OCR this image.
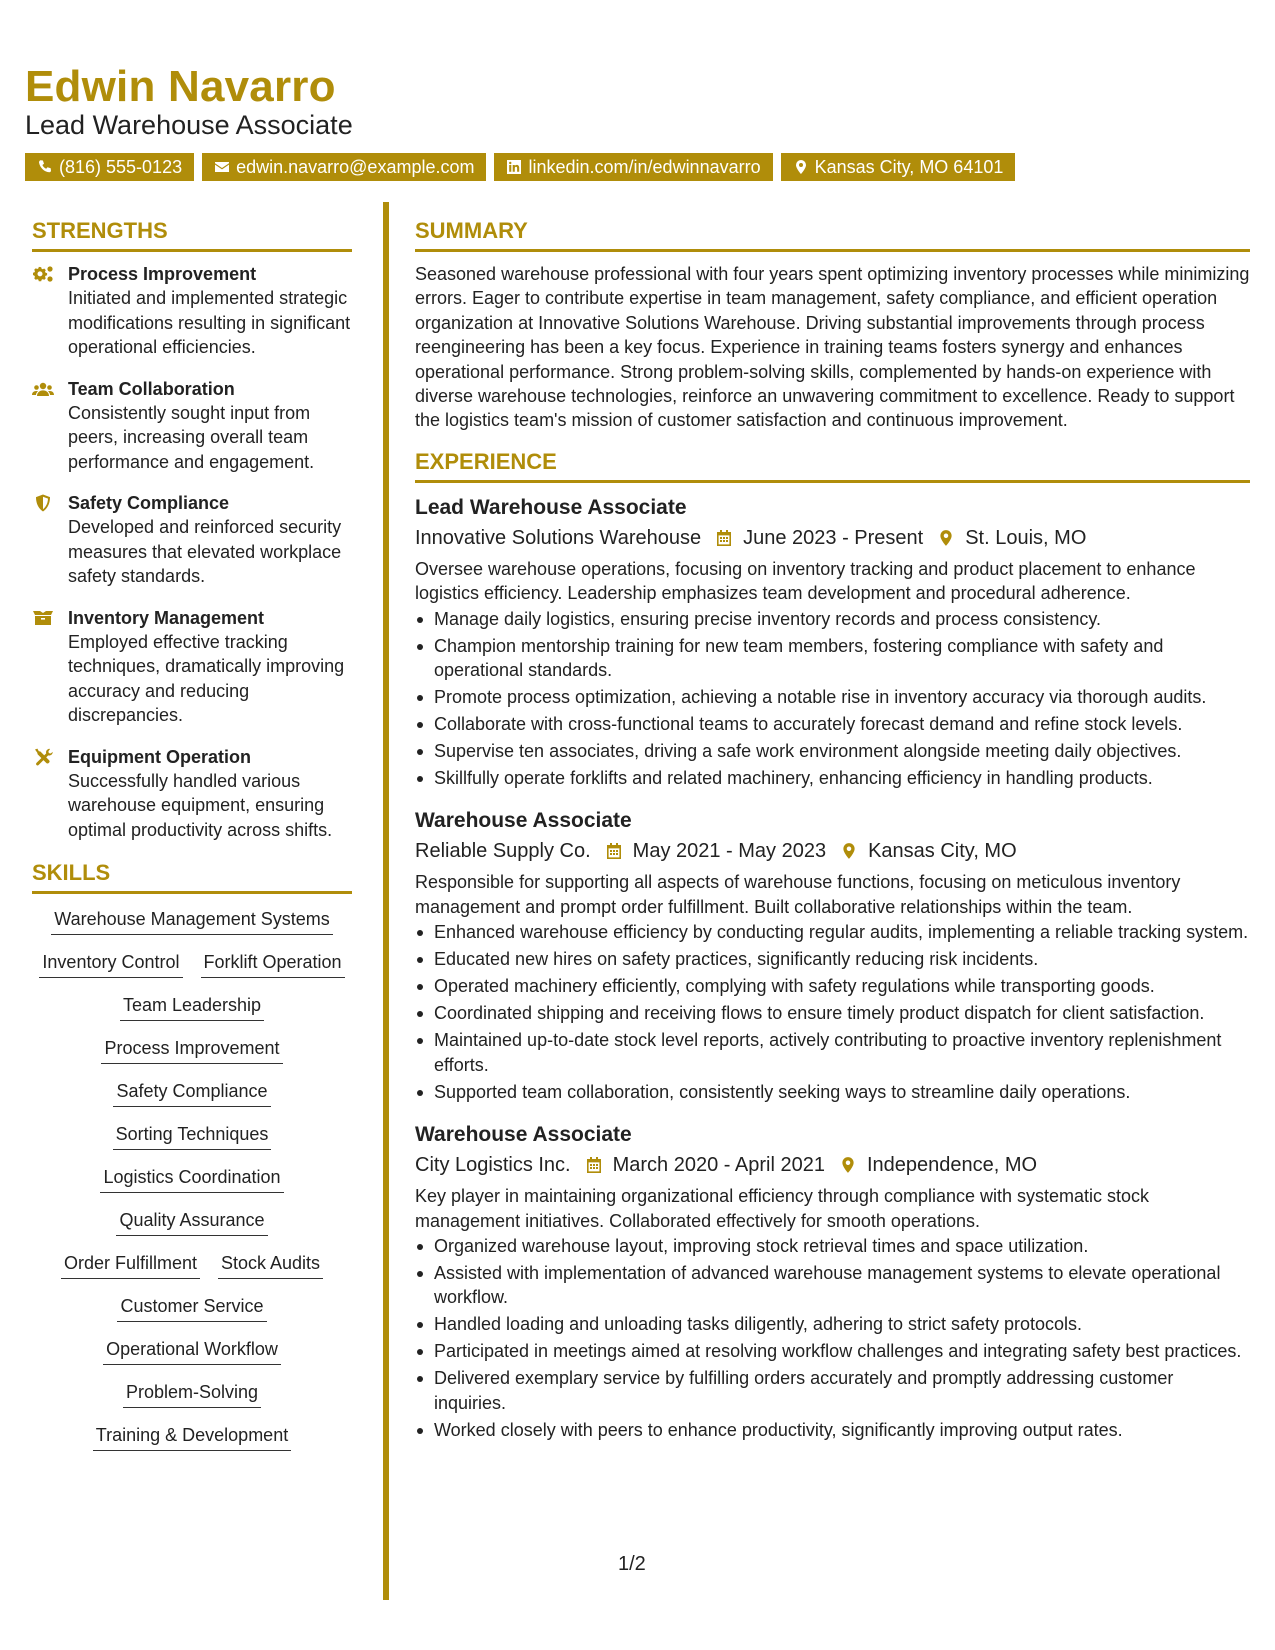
Edwin Navarro
Lead Warehouse Associate
(816) 555-0123	edwin.navarro@example.com	linkedin.com/in/edwinnavarro	Kansas City, MO 64101
STRENGTHS
Process Improvement
Initiated and implemented strategic modifications resulting in significant operational efficiencies.
Team Collaboration
Consistently sought input from peers, increasing overall team performance and engagement.
Safety Compliance
Developed and reinforced security measures that elevated workplace safety standards.
Inventory Management
Employed effective tracking techniques, dramatically improving accuracy and reducing discrepancies.
Equipment Operation
Successfully handled various warehouse equipment, ensuring optimal productivity across shifts.
SKILLS
Warehouse Management Systems
Inventory Control Forklift Operation
Team Leadership
Process Improvement
Safety Compliance
Sorting Techniques
Logistics Coordination
Quality Assurance
Order Fulfillment Stock Audits
Customer Service
Operational Workflow
Problem-Solving
Training & Development
SUMMARY
Seasoned warehouse professional with four years spent optimizing inventory processes while minimizing errors. Eager to contribute expertise in team management, safety compliance, and efficient operation organization at Innovative Solutions Warehouse. Driving substantial improvements through process reengineering has been a key focus. Experience in training teams fosters synergy and enhances operational performance. Strong problem-solving skills, complemented by hands-on experience with diverse warehouse technologies, reinforce an unwavering commitment to excellence. Ready to support the logistics team's mission of customer satisfaction and continuous improvement.
EXPERIENCE
Lead Warehouse Associate
Innovative Solutions Warehouse June 2023 - Present St. Louis, MO
Oversee warehouse operations, focusing on inventory tracking and product placement to enhance logistics efficiency. Leadership emphasizes team development and procedural adherence.
Manage daily logistics, ensuring precise inventory records and process consistency.
Champion mentorship training for new team members, fostering compliance with safety and operational standards.
Promote process optimization, achieving a notable rise in inventory accuracy via thorough audits.
Collaborate with cross-functional teams to accurately forecast demand and refine stock levels.
Supervise ten associates, driving a safe work environment alongside meeting daily objectives.
Skillfully operate forklifts and related machinery, enhancing efficiency in handling products.
Warehouse Associate
Reliable Supply Co. May 2021 - May 2023 Kansas City, MO
Responsible for supporting all aspects of warehouse functions, focusing on meticulous inventory management and prompt order fulfillment. Built collaborative relationships within the team.
Enhanced warehouse efficiency by conducting regular audits, implementing a reliable tracking system.
Educated new hires on safety practices, significantly reducing risk incidents.
Operated machinery efficiently, complying with safety regulations while transporting goods.
Coordinated shipping and receiving flows to ensure timely product dispatch for client satisfaction.
Maintained up-to-date stock level reports, actively contributing to proactive inventory replenishment efforts.
Supported team collaboration, consistently seeking ways to streamline daily operations.
Warehouse Associate
City Logistics Inc. March 2020 - April 2021 Independence, MO
Key player in maintaining organizational efficiency through compliance with systematic stock management initiatives. Collaborated effectively for smooth operations.
Organized warehouse layout, improving stock retrieval times and space utilization.
Assisted with implementation of advanced warehouse management systems to elevate operational workflow.
Handled loading and unloading tasks diligently, adhering to strict safety protocols.
Participated in meetings aimed at resolving workflow challenges and integrating safety best practices.
Delivered exemplary service by fulfilling orders accurately and promptly addressing customer inquiries.
Worked closely with peers to enhance productivity, significantly improving output rates.
1/2
